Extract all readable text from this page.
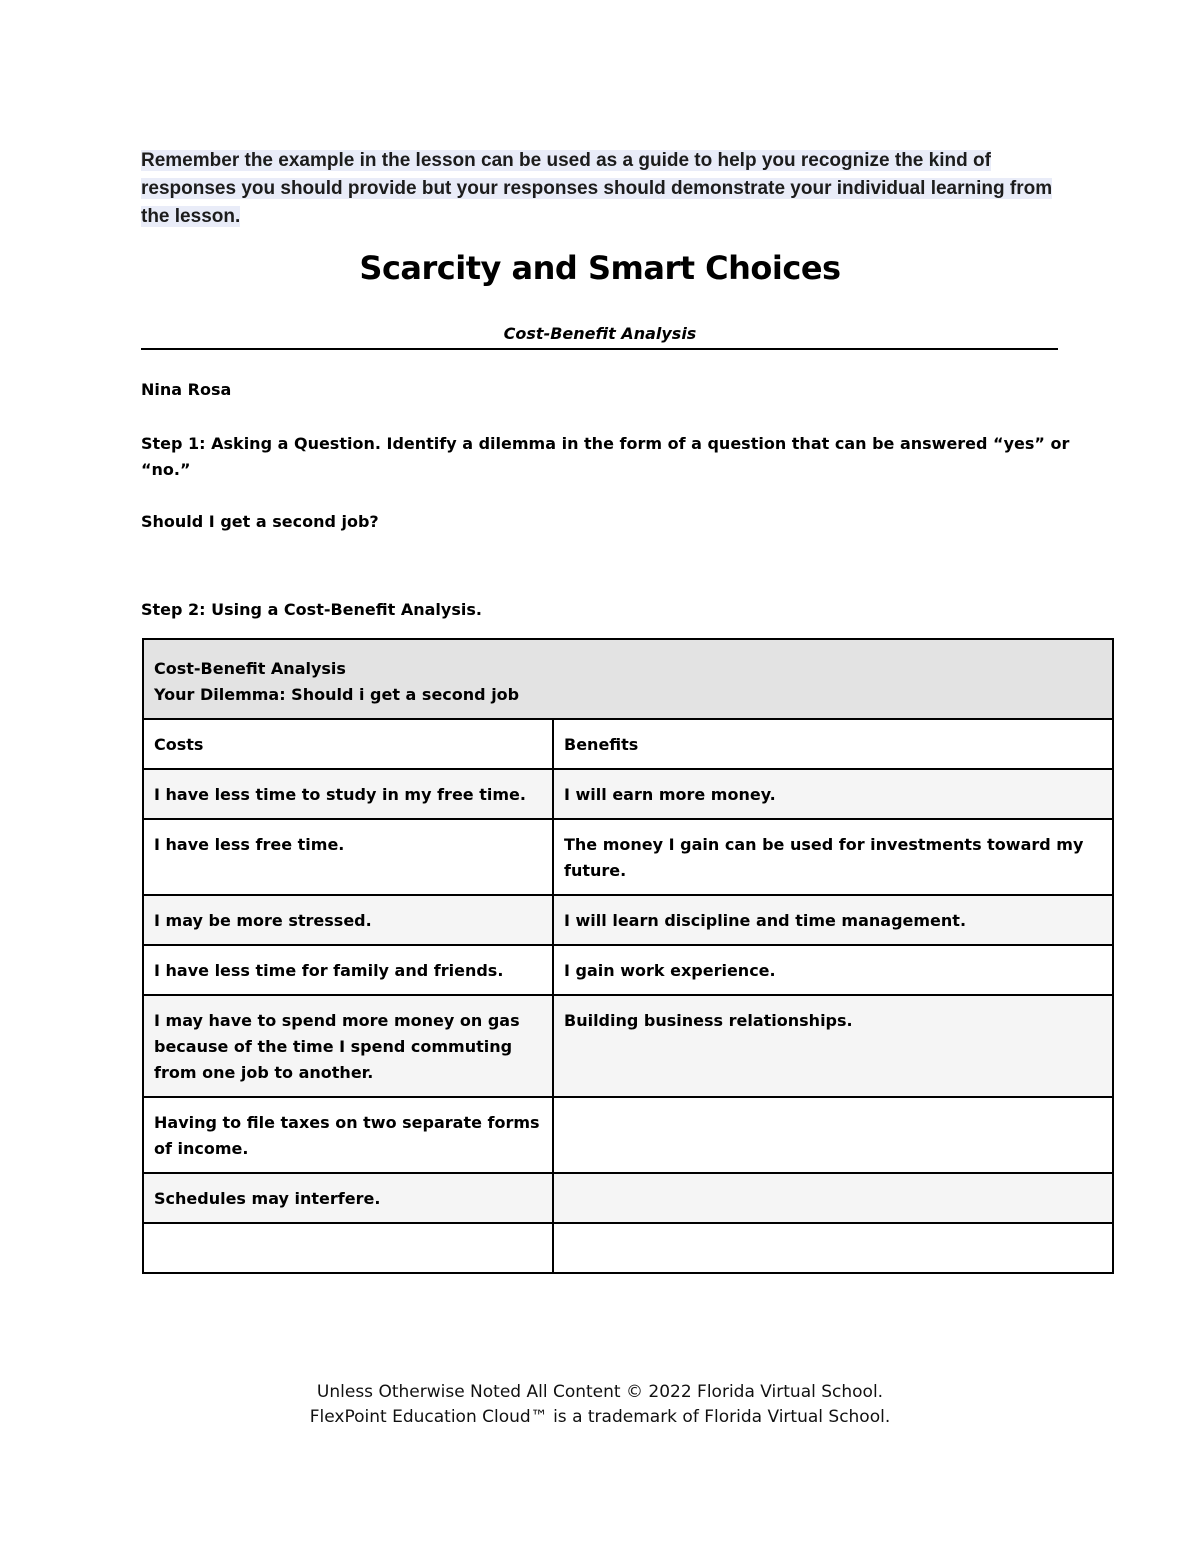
Remember the example in the lesson can be used as a guide to help you recognize the kind of responses you should provide but your responses should demonstrate your individual learning from the lesson.
Scarcity and Smart Choices
Cost-Benefit Analysis
Nina Rosa
Step 1: Asking a Question. Identify a dilemma in the form of a question that can be answered “yes” or “no.”
Should I get a second job?
Step 2: Using a Cost-Benefit Analysis.
Cost-Benefit Analysis
Your Dilemma: Should i get a second job	

Costs	Benefits
I have less time to study in my free time.	I will earn more money.
I have less free time.	The money I gain can be used for investments toward my future.
I may be more stressed.	I will learn discipline and time management.
I have less time for family and friends.	I gain work experience.
I may have to spend more money on gas because of the time I spend commuting from one job to another.	Building business relationships.
Having to file taxes on two separate forms of income.	
Schedules may interfere.	

Unless Otherwise Noted All Content © 2022 Florida Virtual School.
FlexPoint Education Cloud™ is a trademark of Florida Virtual School.
